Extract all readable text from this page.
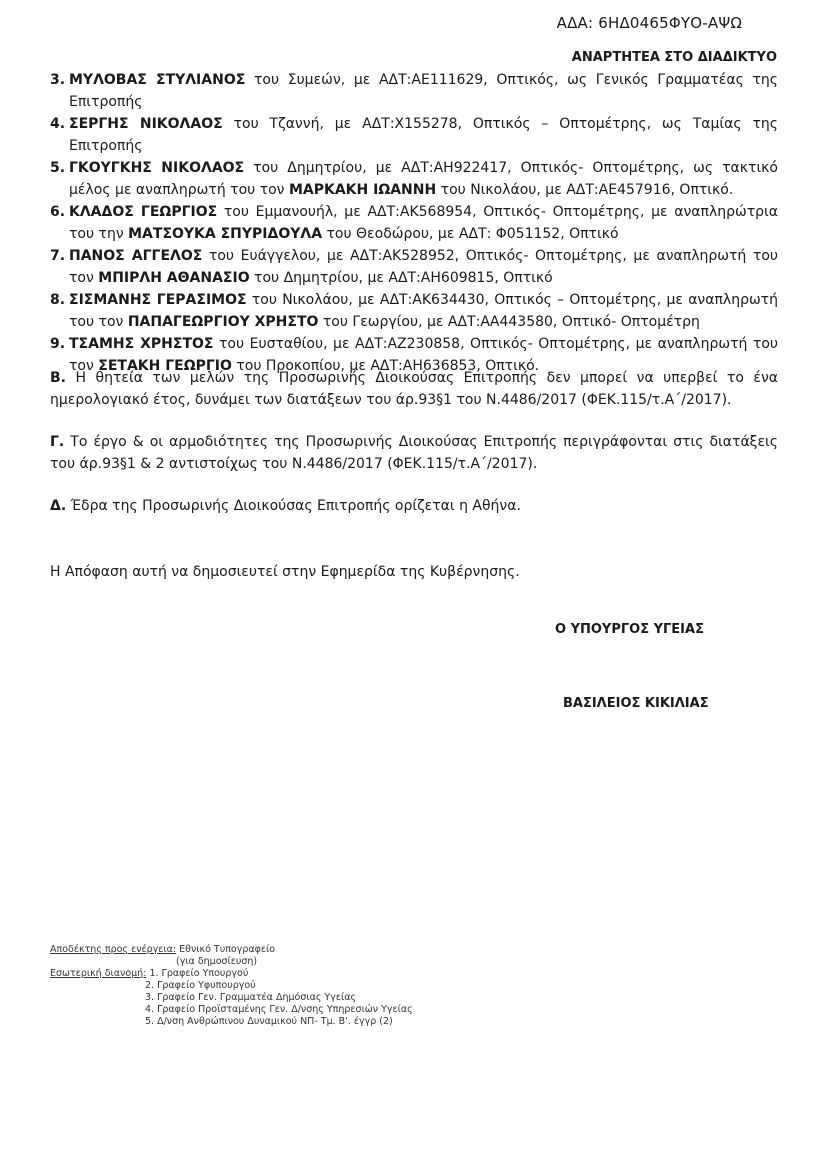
ΑΔΑ: 6ΗΔ0465ΦΥΟ-ΑΨΩ
ΑΝΑΡΤΗΤΕΑ ΣΤΟ ΔΙΑΔΙΚΤΥΟ
3. ΜΥΛΟΒΑΣ ΣΤΥΛΙΑΝΟΣ του Συμεών, με ΑΔΤ:ΑΕ111629, Οπτικός, ως Γενικός Γραμματέας της Επιτροπής
4. ΣΕΡΓΗΣ ΝΙΚΟΛΑΟΣ του Τζαννή, με ΑΔΤ:Χ155278, Οπτικός – Οπτομέτρης, ως Ταμίας της Επιτροπής
5. ΓΚΟΥΓΚΗΣ ΝΙΚΟΛΑΟΣ του Δημητρίου, με ΑΔΤ:ΑΗ922417, Οπτικός- Οπτομέτρης, ως τακτικό μέλος με αναπληρωτή του τον ΜΑΡΚΑΚΗ ΙΩΑΝΝΗ του Νικολάου, με ΑΔΤ:ΑΕ457916, Οπτικό.
6. ΚΛΑΔΟΣ ΓΕΩΡΓΙΟΣ του Εμμανουήλ, με ΑΔΤ:ΑΚ568954, Οπτικός- Οπτομέτρης, με αναπληρώτρια του την ΜΑΤΣΟΥΚΑ ΣΠΥΡΙΔΟΥΛΑ του Θεοδώρου, με ΑΔΤ: Φ051152, Οπτικό
7. ΠΑΝΟΣ ΑΓΓΕΛΟΣ του Ευάγγελου, με ΑΔΤ:ΑΚ528952, Οπτικός- Οπτομέτρης, με αναπληρωτή του τον ΜΠΙΡΛΗ ΑΘΑΝΑΣΙΟ του Δημητρίου, με ΑΔΤ:ΑΗ609815, Οπτικό
8. ΣΙΣΜΑΝΗΣ ΓΕΡΑΣΙΜΟΣ του Νικολάου, με ΑΔΤ:ΑΚ634430, Οπτικός – Οπτομέτρης, με αναπληρωτή του τον ΠΑΠΑΓΕΩΡΓΙΟΥ ΧΡΗΣΤΟ του Γεωργίου, με ΑΔΤ:ΑΑ443580, Οπτικό- Οπτομέτρη
9. ΤΣΑΜΗΣ ΧΡΗΣΤΟΣ του Ευσταθίου, με ΑΔΤ:ΑΖ230858, Οπτικός- Οπτομέτρης, με αναπληρωτή του τον ΣΕΤΑΚΗ ΓΕΩΡΓΙΟ του Προκοπίου, με ΑΔΤ:ΑΗ636853, Οπτικό.

Β. Η θητεία των μελών της Προσωρινής Διοικούσας Επιτροπής δεν μπορεί να υπερβεί το ένα ημερολογιακό έτος, δυνάμει των διατάξεων του άρ.93§1 του Ν.4486/2017 (ΦΕΚ.115/τ.Α΄/2017).

Γ. Το έργο & οι αρμοδιότητες της Προσωρινής Διοικούσας Επιτροπής περιγράφονται στις διατάξεις του άρ.93§1 & 2 αντιστοίχως του Ν.4486/2017 (ΦΕΚ.115/τ.Α΄/2017).

Δ. Έδρα της Προσωρινής Διοικούσας Επιτροπής ορίζεται η Αθήνα.

Η Απόφαση αυτή να δημοσιευτεί στην Εφημερίδα της Κυβέρνησης.

Ο ΥΠΟΥΡΓΟΣ ΥΓΕΙΑΣ
ΒΑΣΙΛΕΙΟΣ ΚΙΚΙΛΙΑΣ
Αποδέκτης προς ενέργεια: Εθνικό Τυπογραφείο
(για δημοσίευση)
Εσωτερική διανομή: 1. Γραφείο Υπουργού
2. Γραφείο Υφυπουργού
3. Γραφείο Γεν. Γραμματέα Δημόσιας Υγείας
4. Γραφείο Προϊσταμένης Γεν. Δ/νσης Υπηρεσιών Υγείας
5. Δ/νση Ανθρώπινου Δυναμικού ΝΠ- Τμ. Β'. έγγρ (2)
